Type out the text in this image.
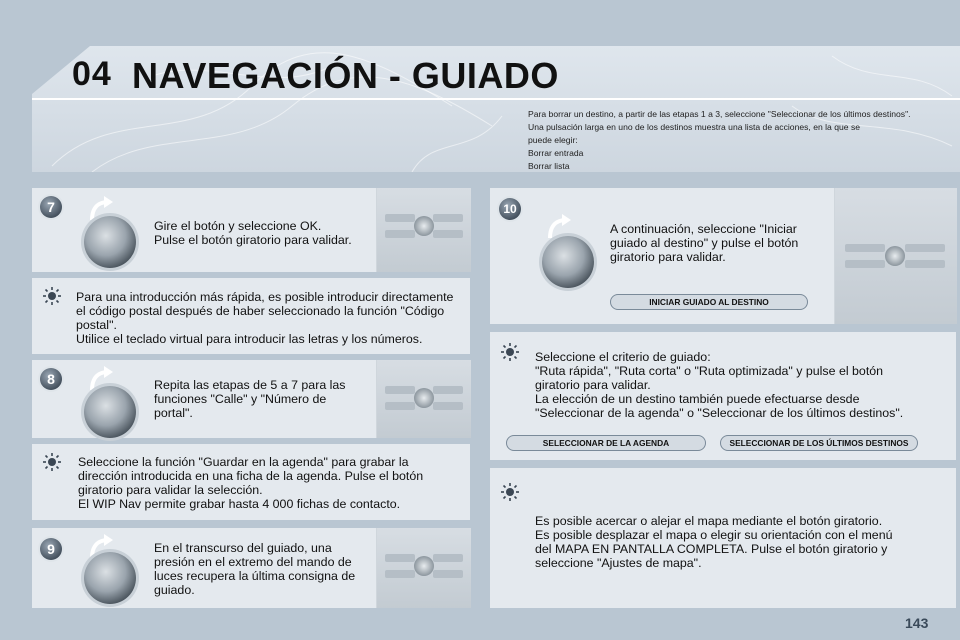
04 NAVEGACIÓN - GUIADO
Para borrar un destino, a partir de las etapas 1 a 3, seleccione "Seleccionar de los últimos destinos".
Una pulsación larga en uno de los destinos muestra una lista de acciones, en la que se
puede elegir:
Borrar entrada
Borrar lista
7
Gire el botón y seleccione OK.
Pulse el botón giratorio para validar.
Para una introducción más rápida, es posible introducir directamente
el código postal después de haber seleccionado la función "Código
postal".
Utilice el teclado virtual para introducir las letras y los números.
8	Repita las etapas de 5 a 7 para las
funciones "Calle" y "Número de
portal".
Seleccione la función "Guardar en la agenda" para grabar la
dirección introducida en una ficha de la agenda. Pulse el botón
giratorio para validar la selección.
El WIP Nav permite grabar hasta 4 000 fichas de contacto.
9	En el transcurso del guiado, una
presión en el extremo del mando de
luces recupera la última consigna de
guiado.
10
A continuación, seleccione "Iniciar
guiado al destino" y pulse el botón
giratorio para validar.
INICIAR GUIADO AL DESTINO
Seleccione el criterio de guiado:
"Ruta rápida", "Ruta corta" o "Ruta optimizada" y pulse el botón
giratorio para validar.
La elección de un destino también puede efectuarse desde
"Seleccionar de la agenda" o "Seleccionar de los últimos destinos".
SELECCIONAR DE LA AGENDA	SELECCIONAR DE LOS ÚLTIMOS DESTINOS
Es posible acercar o alejar el mapa mediante el botón giratorio.
Es posible desplazar el mapa o elegir su orientación con el menú
del MAPA EN PANTALLA COMPLETA. Pulse el botón giratorio y
seleccione "Ajustes de mapa".
143
